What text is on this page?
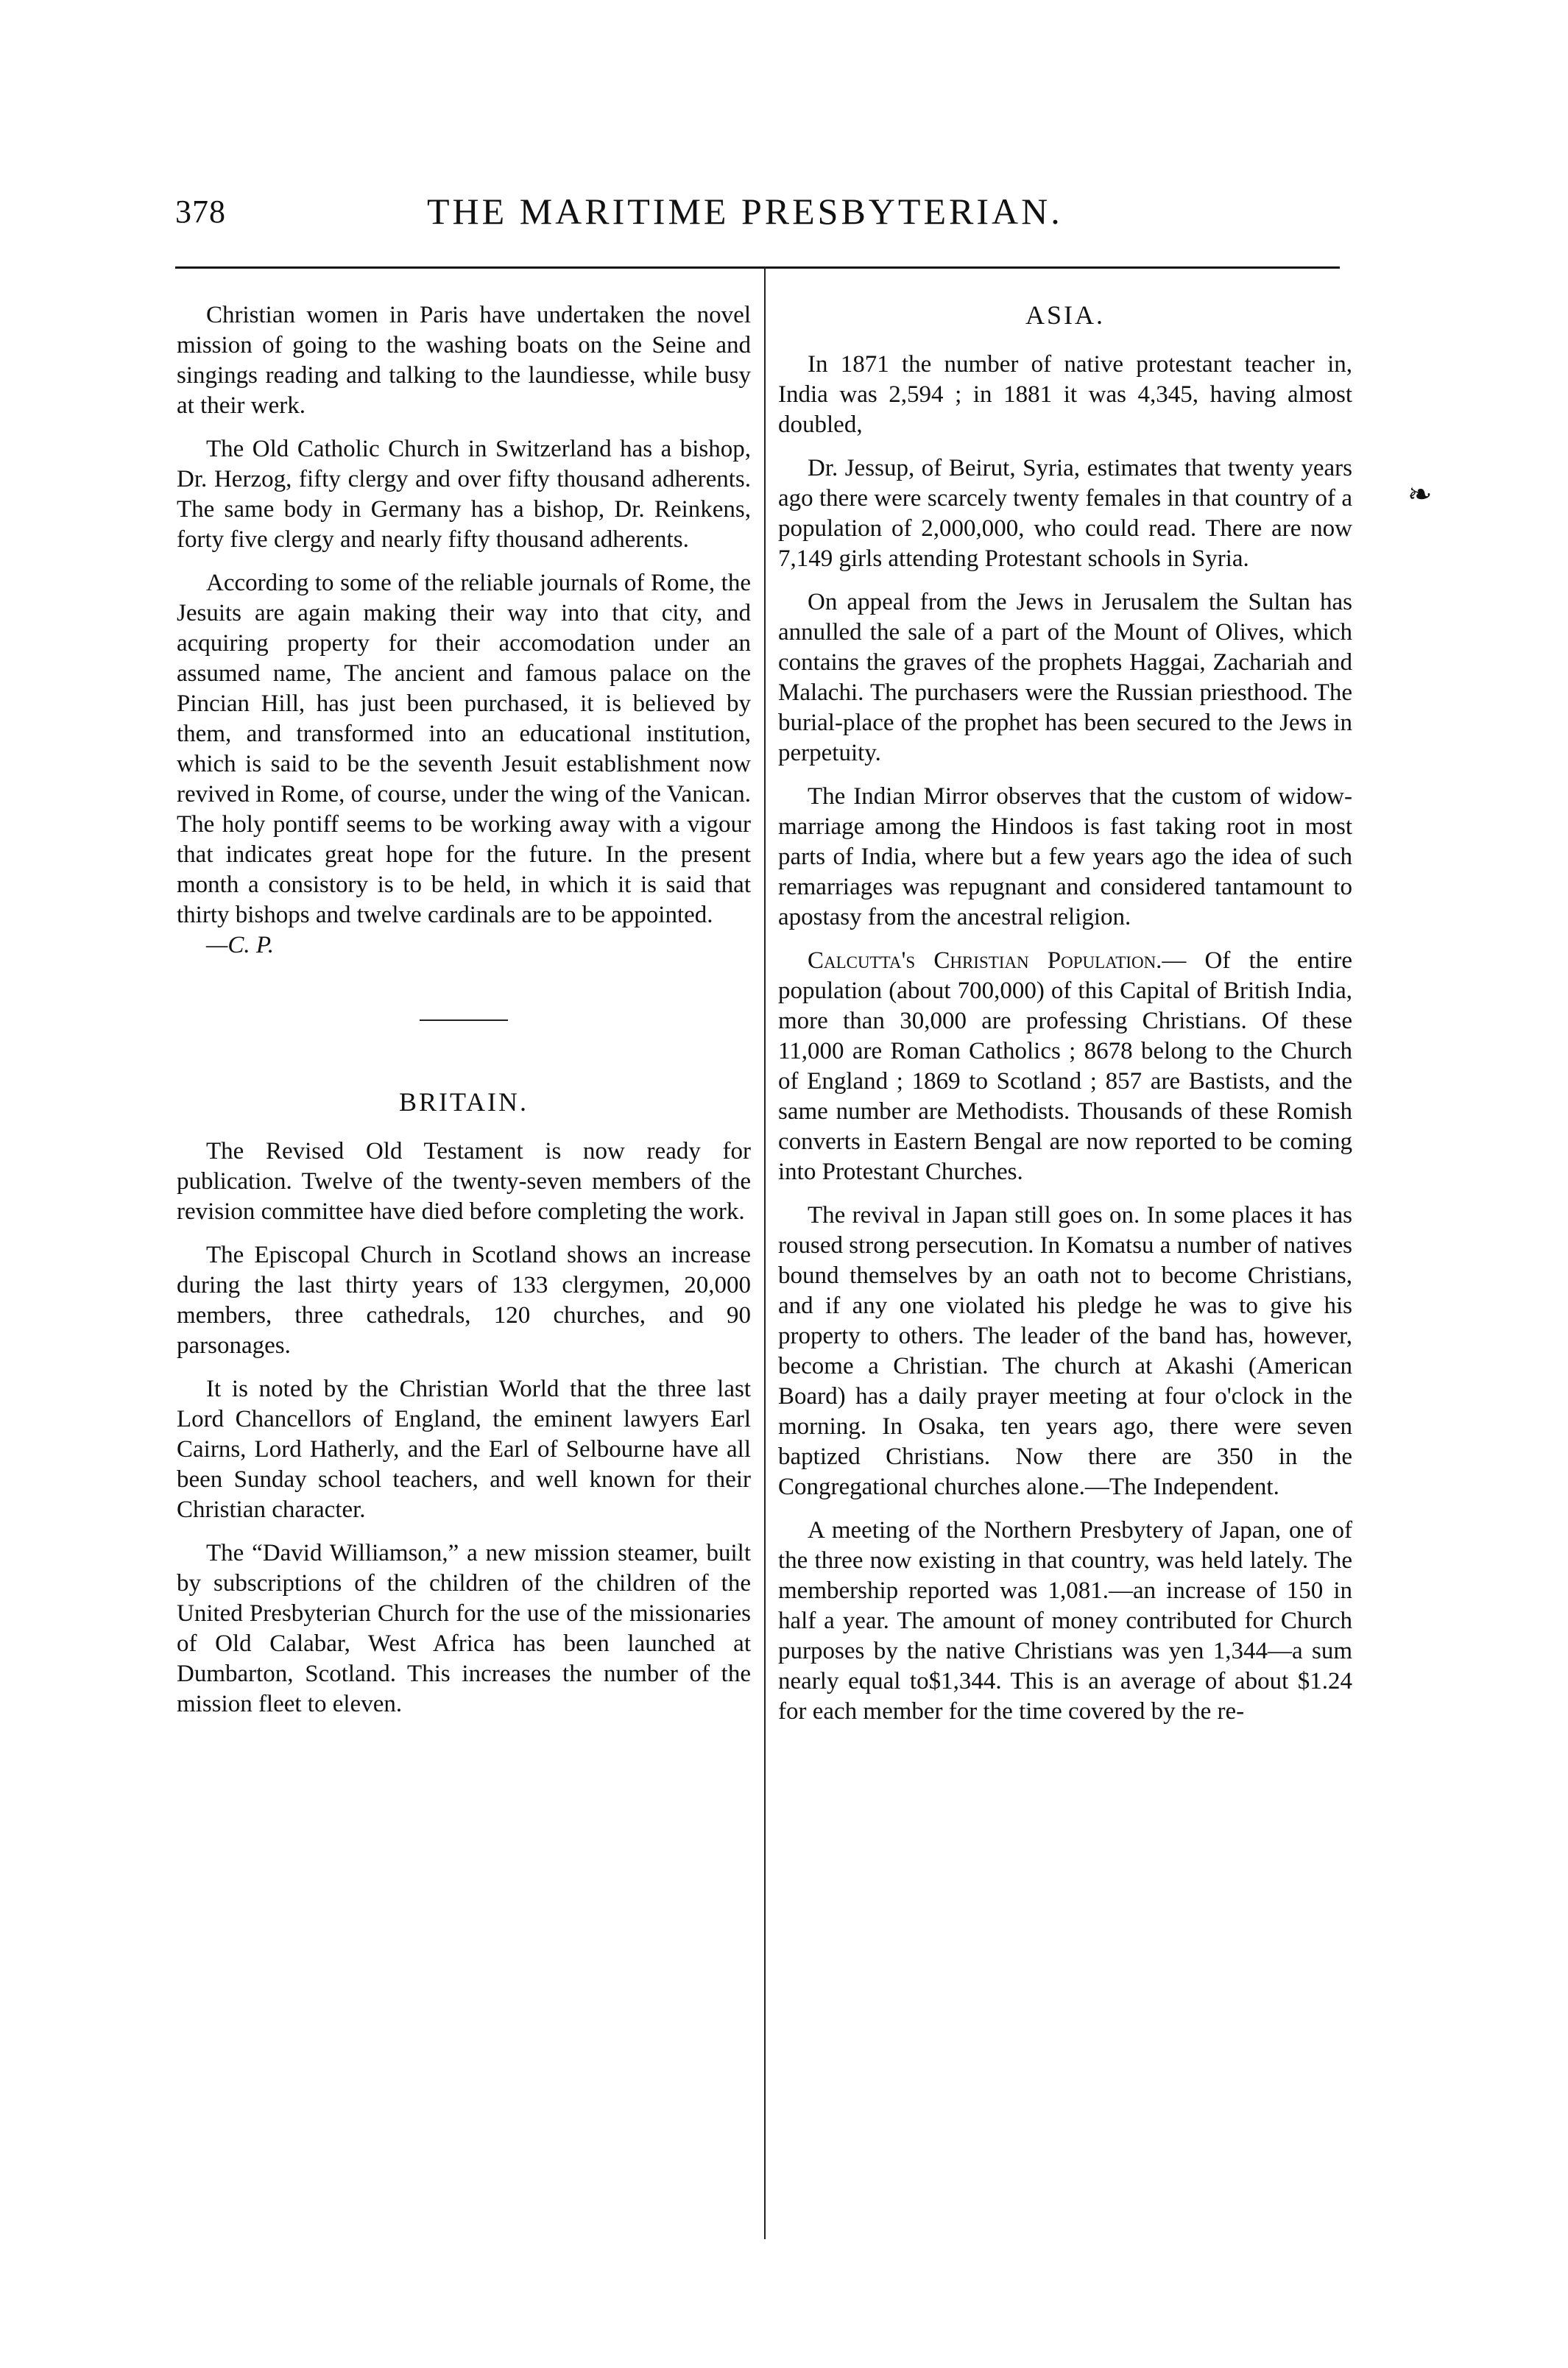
378	THE MARITIME PRESBYTERIAN.

Christian women in Paris have undertaken the novel mission of going to the washing boats on the Seine and singings reading and talking to the laundiesse, while busy at their werk.

The Old Catholic Church in Switzerland has a bishop, Dr. Herzog, fifty clergy and over fifty thousand adherents. The same body in Germany has a bishop, Dr. Reinkens, forty five clergy and nearly fifty thousand adherents.

According to some of the reliable journals of Rome, the Jesuits are again making their way into that city, and acquiring property for their accomodation under an assumed name, The ancient and famous palace on the Pincian Hill, has just been purchased, it is believed by them, and transformed into an educational institution, which is said to be the seventh Jesuit establishment now revived in Rome, of course, under the wing of the Vanican. The holy pontiff seems to be working away with a vigour that indicates great hope for the future. In the present month a consistory is to be held, in which it is said that thirty bishops and twelve cardinals are to be appointed.

—C. P.

BRITAIN.

The Revised Old Testament is now ready for publication. Twelve of the twenty-seven members of the revision committee have died before completing the work.

The Episcopal Church in Scotland shows an increase during the last thirty years of 133 clergymen, 20,000 members, three cathedrals, 120 churches, and 90 parsonages.

It is noted by the Christian World that the three last Lord Chancellors of England, the eminent lawyers Earl Cairns, Lord Hatherly, and the Earl of Selbourne have all been Sunday school teachers, and well known for their Christian character.

The “David Williamson,” a new mission steamer, built by subscriptions of the children of the children of the United Presbyterian Church for the use of the missionaries of Old Calabar, West Africa has been launched at Dumbarton, Scotland. This increases the number of the mission fleet to eleven.

ASIA.

In 1871 the number of native protestant teacher in, India was 2,594 ; in 1881 it was 4,345, having almost doubled,

Dr. Jessup, of Beirut, Syria, estimates that twenty years ago there were scarcely twenty females in that country of a population of 2,000,000, who could read. There are now 7,149 girls attending Protestant schools in Syria.

On appeal from the Jews in Jerusalem the Sultan has annulled the sale of a part of the Mount of Olives, which contains the graves of the prophets Haggai, Zachariah and Malachi. The purchasers were the Russian priesthood. The burial-place of the prophet has been secured to the Jews in perpetuity.

The Indian Mirror observes that the custom of widow-marriage among the Hindoos is fast taking root in most parts of India, where but a few years ago the idea of such remarriages was repugnant and considered tantamount to apostasy from the ancestral religion.

Calcutta's Christian Population.— Of the entire population (about 700,000) of this Capital of British India, more than 30,000 are professing Christians. Of these 11,000 are Roman Catholics ; 8678 belong to the Church of England ; 1869 to Scotland ; 857 are Bastists, and the same number are Methodists. Thousands of these Romish converts in Eastern Bengal are now reported to be coming into Protestant Churches.

The revival in Japan still goes on. In some places it has roused strong persecution. In Komatsu a number of natives bound themselves by an oath not to become Christians, and if any one violated his pledge he was to give his property to others. The leader of the band has, however, become a Christian. The church at Akashi (American Board) has a daily prayer meeting at four o'clock in the morning. In Osaka, ten years ago, there were seven baptized Christians. Now there are 350 in the Congregational churches alone.—The Independent.

A meeting of the Northern Presbytery of Japan, one of the three now existing in that country, was held lately. The membership reported was 1,081.—an increase of 150 in half a year. The amount of money contributed for Church purposes by the native Christians was yen 1,344—a sum nearly equal to$1,344. This is an average of about $1.24 for each member for the time covered by the re-

❧
